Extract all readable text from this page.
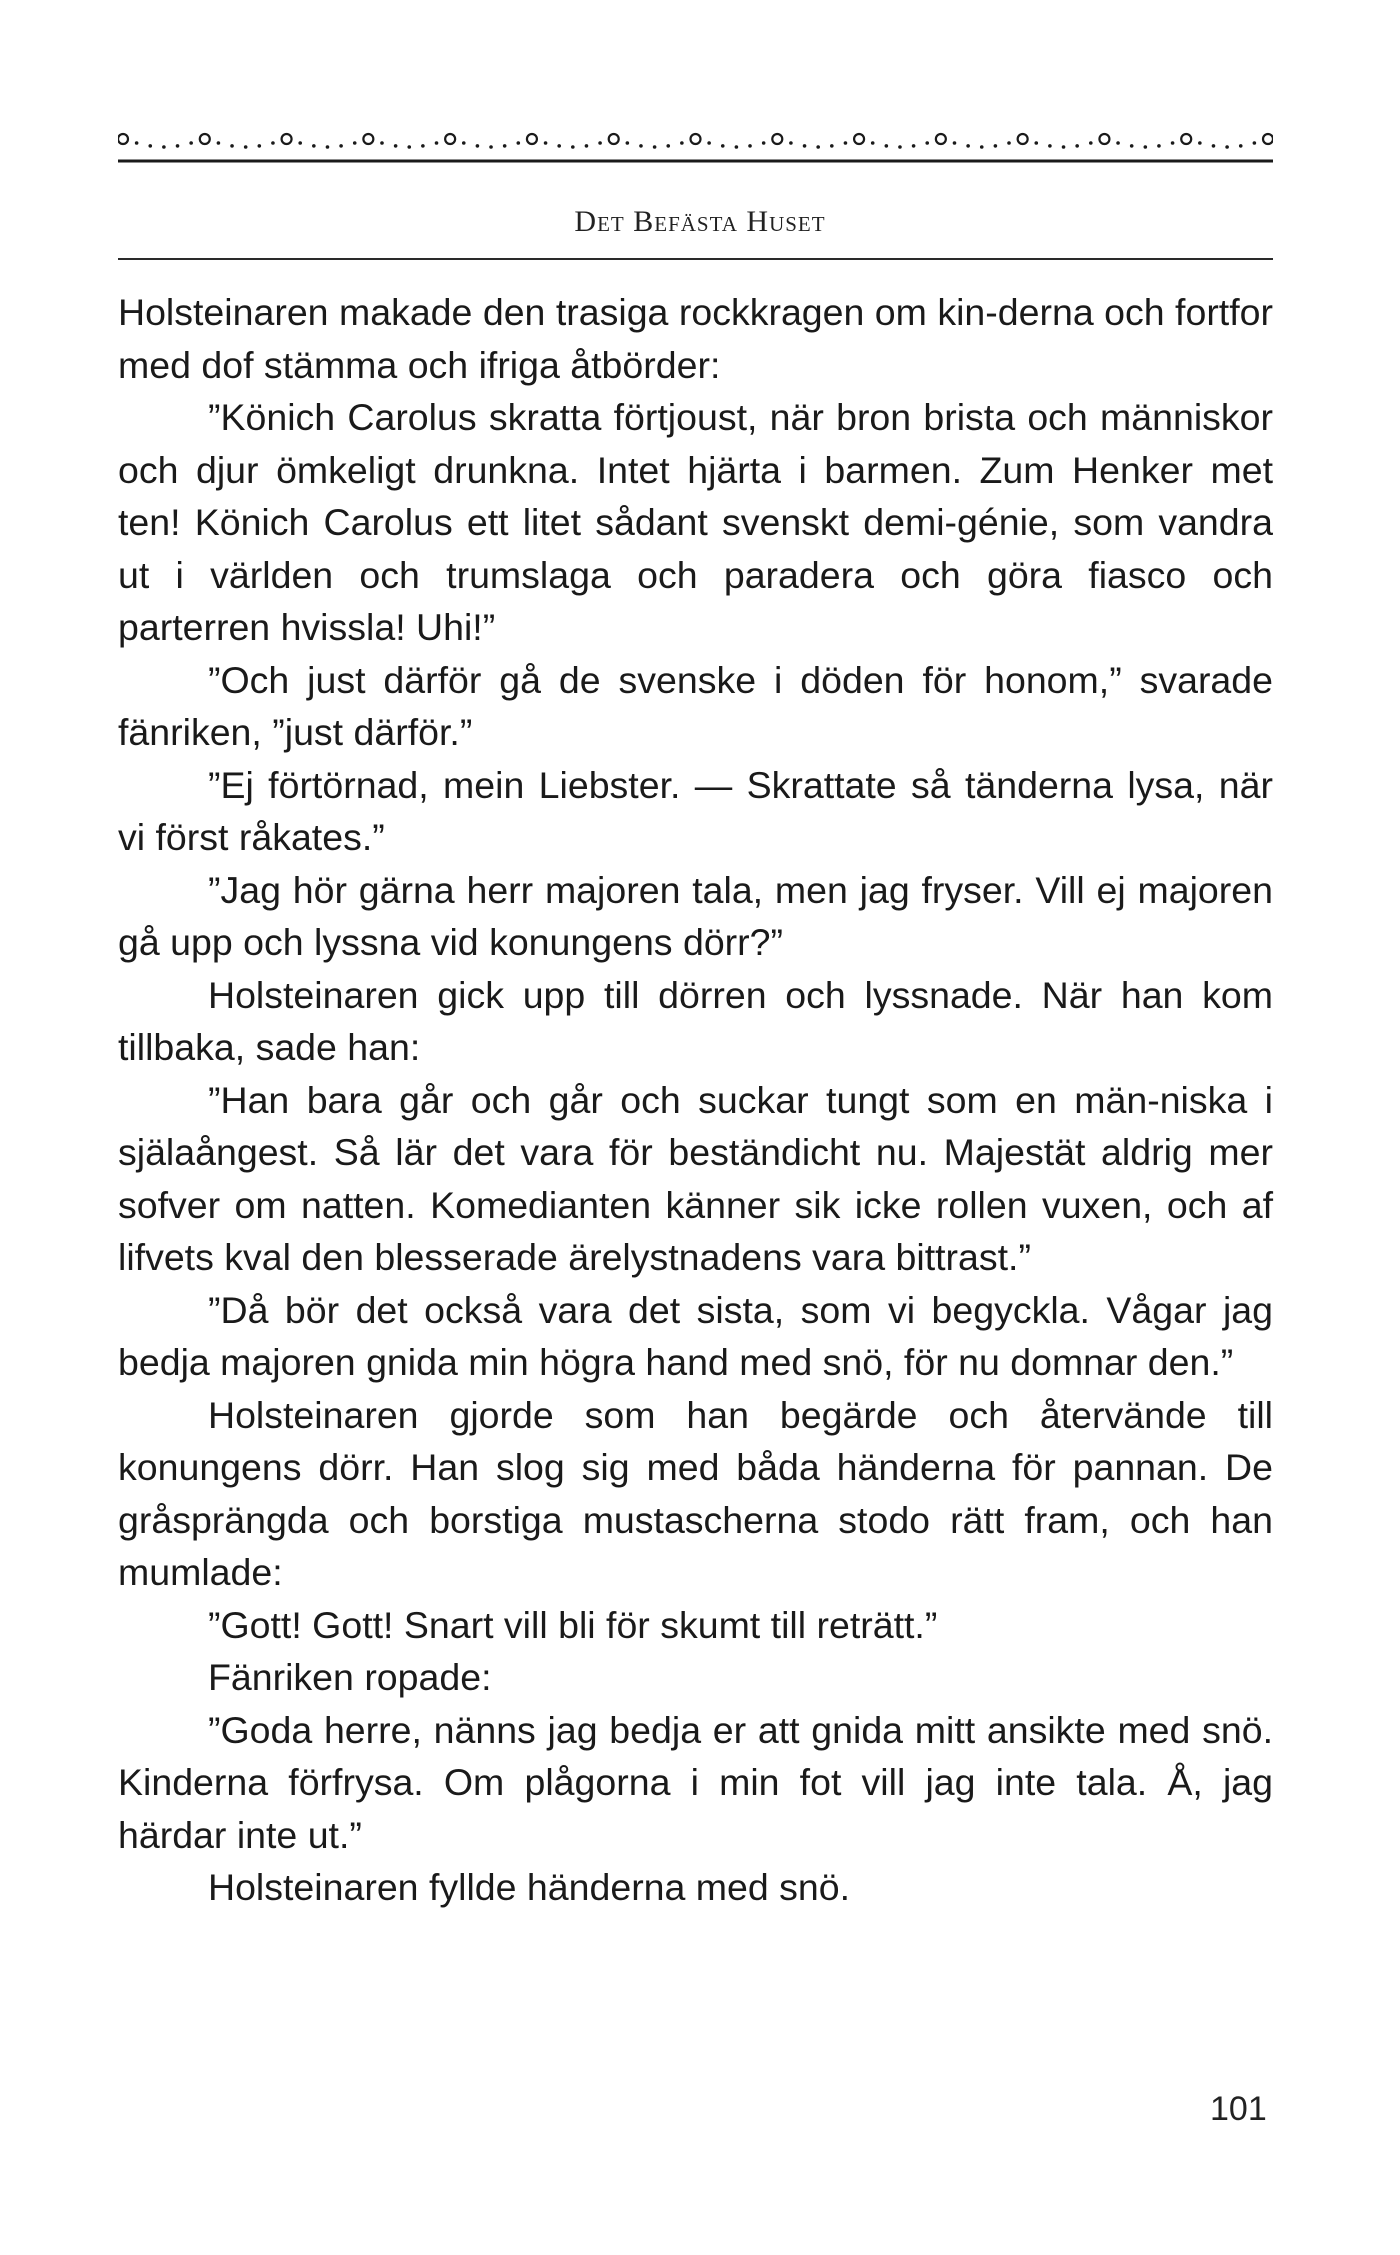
Det Befästa Huset

Holsteinaren makade den trasiga rockkragen om kin-derna och fortfor med dof stämma och ifriga åtbörder:

”Könich Carolus skratta förtjoust, när bron brista och människor och djur ömkeligt drunkna. Intet hjärta i barmen. Zum Henker met ten! Könich Carolus ett litet sådant svenskt demi-génie, som vandra ut i världen och trumslaga och paradera och göra fiasco och parterren hvissla! Uhi!”

”Och just därför gå de svenske i döden för honom,” svarade fänriken, ”just därför.”

”Ej förtörnad, mein Liebster. — Skrattate så tänderna lysa, när vi först råkates.”

”Jag hör gärna herr majoren tala, men jag fryser. Vill ej majoren gå upp och lyssna vid konungens dörr?”

Holsteinaren gick upp till dörren och lyssnade. När han kom tillbaka, sade han:

”Han bara går och går och suckar tungt som en män-niska i själaångest. Så lär det vara för beständicht nu. Majestät aldrig mer sofver om natten. Komedianten känner sik icke rollen vuxen, och af lifvets kval den blesserade ärelystnadens vara bittrast.”

”Då bör det också vara det sista, som vi begyckla. Vågar jag bedja majoren gnida min högra hand med snö, för nu domnar den.”

Holsteinaren gjorde som han begärde och återvände till konungens dörr. Han slog sig med båda händerna för pannan. De gråsprängda och borstiga mustascherna stodo rätt fram, och han mumlade:

”Gott! Gott! Snart vill bli för skumt till reträtt.”

Fänriken ropade:

”Goda herre, nänns jag bedja er att gnida mitt ansikte med snö. Kinderna förfrysa. Om plågorna i min fot vill jag inte tala. Å, jag härdar inte ut.”

Holsteinaren fyllde händerna med snö.

101
